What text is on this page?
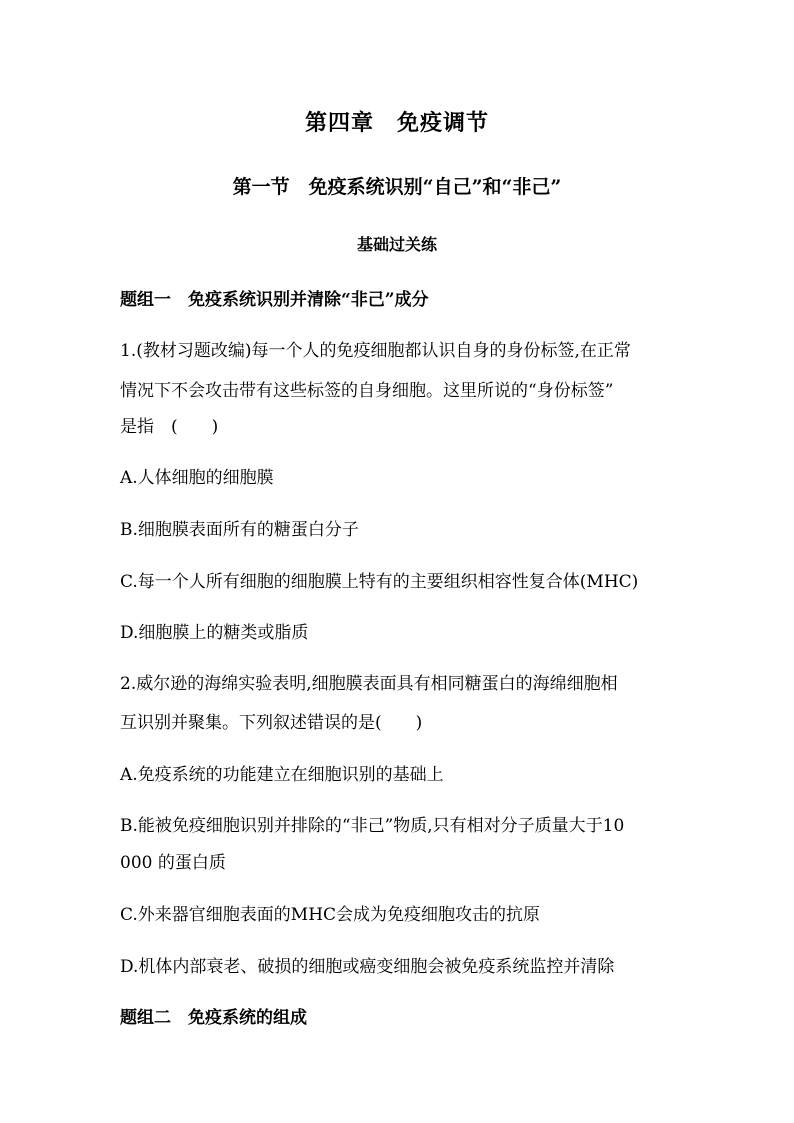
第四章　免疫调节
第一节　免疫系统识别“自己”和“非己”
基础过关练
题组一　免疫系统识别并清除“非己”成分
1.(教材习题改编)每一个人的免疫细胞都认识自身的身份标签,在正常
情况下不会攻击带有这些标签的自身细胞。这里所说的“身份标签”
是指　(　　)
A.人体细胞的细胞膜
B.细胞膜表面所有的糖蛋白分子
C.每一个人所有细胞的细胞膜上特有的主要组织相容性复合体(MHC)
D.细胞膜上的糖类或脂质
2.威尔逊的海绵实验表明,细胞膜表面具有相同糖蛋白的海绵细胞相
互识别并聚集。下列叙述错误的是(　　)
A.免疫系统的功能建立在细胞识别的基础上
B.能被免疫细胞识别并排除的“非己”物质,只有相对分子质量大于10
000 的蛋白质
C.外来器官细胞表面的MHC会成为免疫细胞攻击的抗原
D.机体内部衰老、破损的细胞或癌变细胞会被免疫系统监控并清除
题组二　免疫系统的组成
